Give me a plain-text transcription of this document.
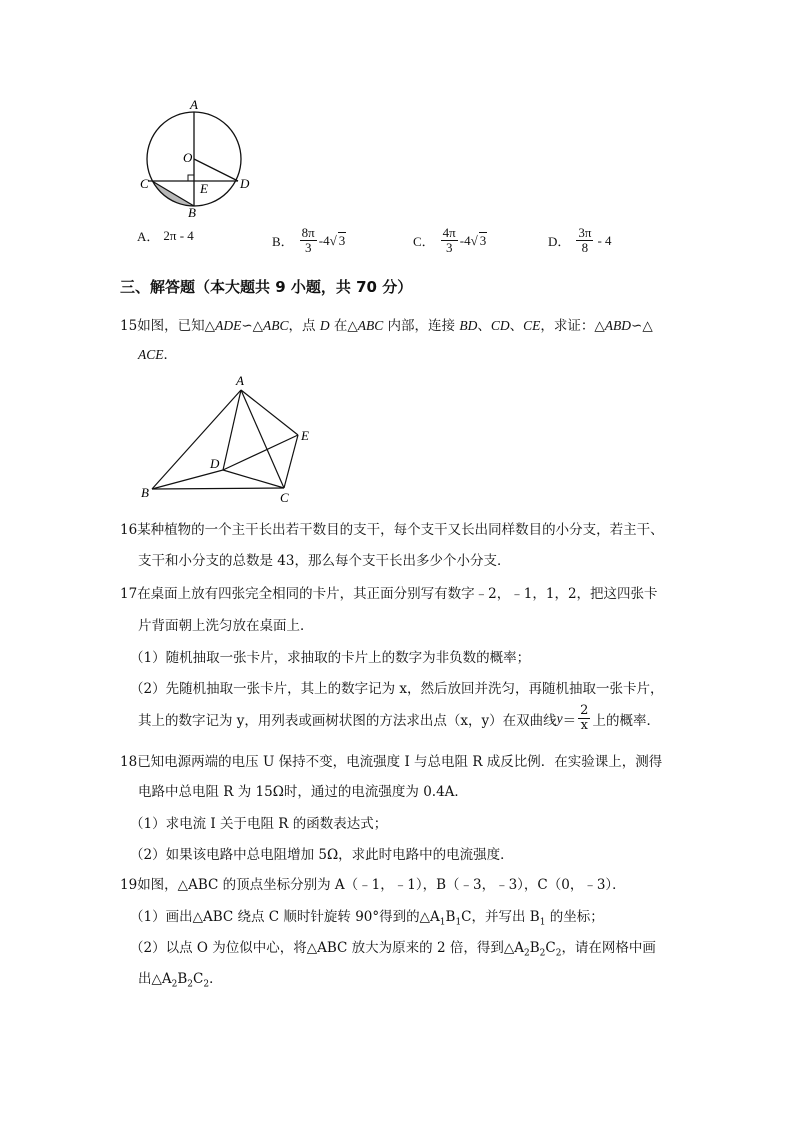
A
O
C	E D
B
A． 2π - 4	B． $\frac{8\pi}{3} -4$ √ 3	C． $\frac{4\pi}{3} -4$ √ 3	D． $\frac{3\pi}{8} - 4$
三、解答题（本大题共 9 小题，共 70 分）
15如图，已知△ADE∽△ABC，点 D 在△ABC 内部，连接 BD、CD、CE，求证：△ABD∽△
ACE．
A
E
D
B	C
16某种植物的一个主干长出若干数目的支干，每个支干又长出同样数目的小分支，若主干、
支干和小分支的总数是 43，那么每个支干长出多少个小分支．
17在桌面上放有四张完全相同的卡片，其正面分别写有数字﹣2，﹣1，1，2，把这四张卡
片背面朝上洗匀放在桌面上．
（1）随机抽取一张卡片，求抽取的卡片上的数字为非负数的概率；
（2）先随机抽取一张卡片，其上的数字记为 x，然后放回并洗匀，再随机抽取一张卡片，
其上的数字记为 y，用列表或画树状图的方法求出点（x，y）在双曲线 $y = \frac{2}{x}$ 上的概率．
18已知电源两端的电压 U 保持不变，电流强度 I 与总电阻 R 成反比例．在实验课上，测得
电路中总电阻 R 为 15Ω时，通过的电流强度为 0.4A．
（1）求电流 I 关于电阻 R 的函数表达式；
（2）如果该电路中总电阻增加 5Ω，求此时电路中的电流强度．
19如图，△ABC 的顶点坐标分别为 A（﹣1，﹣1），B（﹣3，﹣3），C（0，﹣3）．
（1）画出△ABC 绕点 C 顺时针旋转 90°得到的$\triangle A_1B_1C$，并写出 $B_1$ 的坐标；
（2）以点 O 为位似中心，将△ABC 放大为原来的 2 倍，得到$\triangle A_2B_2C_2$，请在网格中画
出$\triangle A_2B_2C_2$．
